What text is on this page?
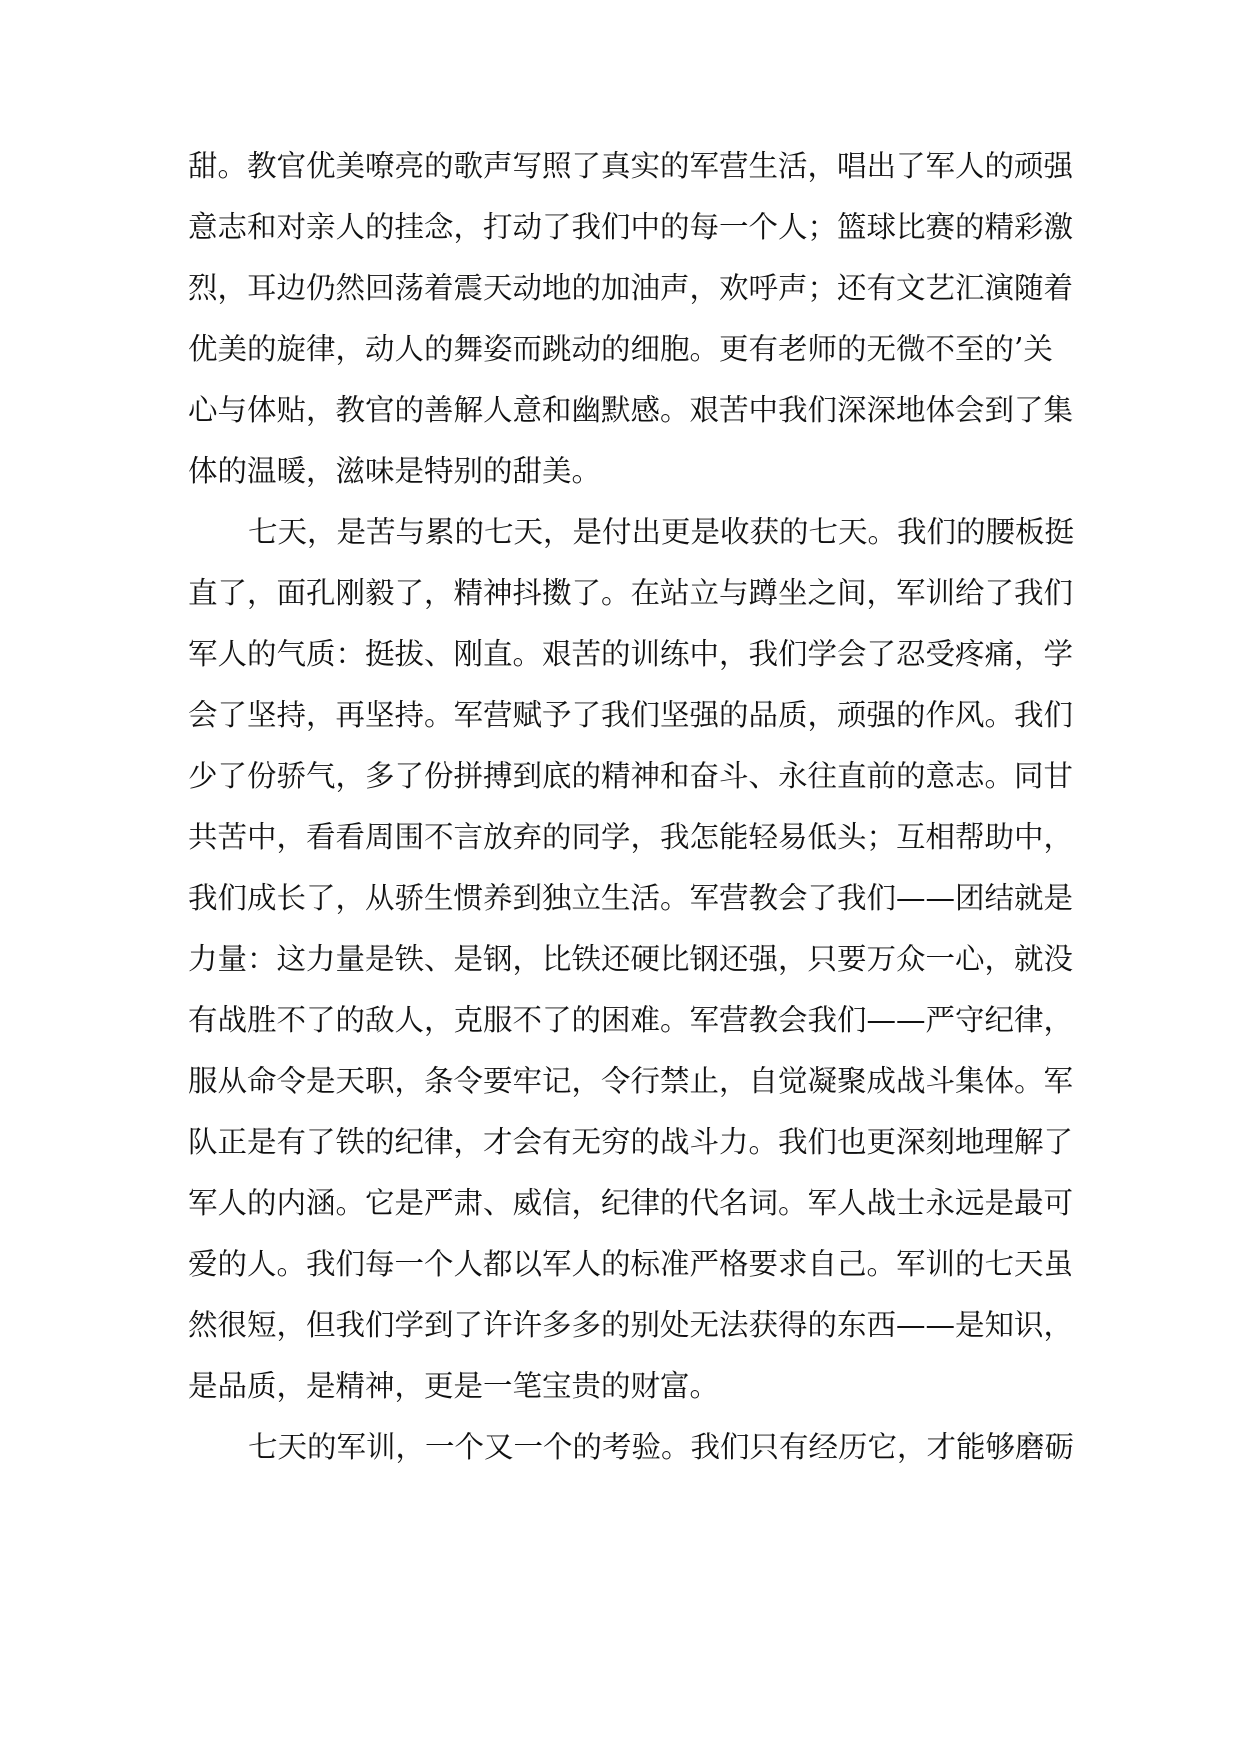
甜。教官优美嘹亮的歌声写照了真实的军营生活，唱出了军人的顽强
意志和对亲人的挂念，打动了我们中的每一个人；篮球比赛的精彩激
烈，耳边仍然回荡着震天动地的加油声，欢呼声；还有文艺汇演随着
优美的旋律，动人的舞姿而跳动的细胞。更有老师的无微不至的’关
心与体贴，教官的善解人意和幽默感。艰苦中我们深深地体会到了集
体的温暖，滋味是特别的甜美。
七天，是苦与累的七天，是付出更是收获的七天。我们的腰板挺
直了，面孔刚毅了，精神抖擞了。在站立与蹲坐之间，军训给了我们
军人的气质：挺拔、刚直。艰苦的训练中，我们学会了忍受疼痛，学
会了坚持，再坚持。军营赋予了我们坚强的品质，顽强的作风。我们
少了份骄气，多了份拼搏到底的精神和奋斗、永往直前的意志。同甘
共苦中，看看周围不言放弃的同学，我怎能轻易低头；互相帮助中，
我们成长了，从骄生惯养到独立生活。军营教会了我们——团结就是
力量：这力量是铁、是钢，比铁还硬比钢还强，只要万众一心，就没
有战胜不了的敌人，克服不了的困难。军营教会我们——严守纪律，
服从命令是天职，条令要牢记，令行禁止，自觉凝聚成战斗集体。军
队正是有了铁的纪律，才会有无穷的战斗力。我们也更深刻地理解了
军人的内涵。它是严肃、威信，纪律的代名词。军人战士永远是最可
爱的人。我们每一个人都以军人的标准严格要求自己。军训的七天虽
然很短，但我们学到了许许多多的别处无法获得的东西——是知识，
是品质，是精神，更是一笔宝贵的财富。
七天的军训，一个又一个的考验。我们只有经历它，才能够磨砺
